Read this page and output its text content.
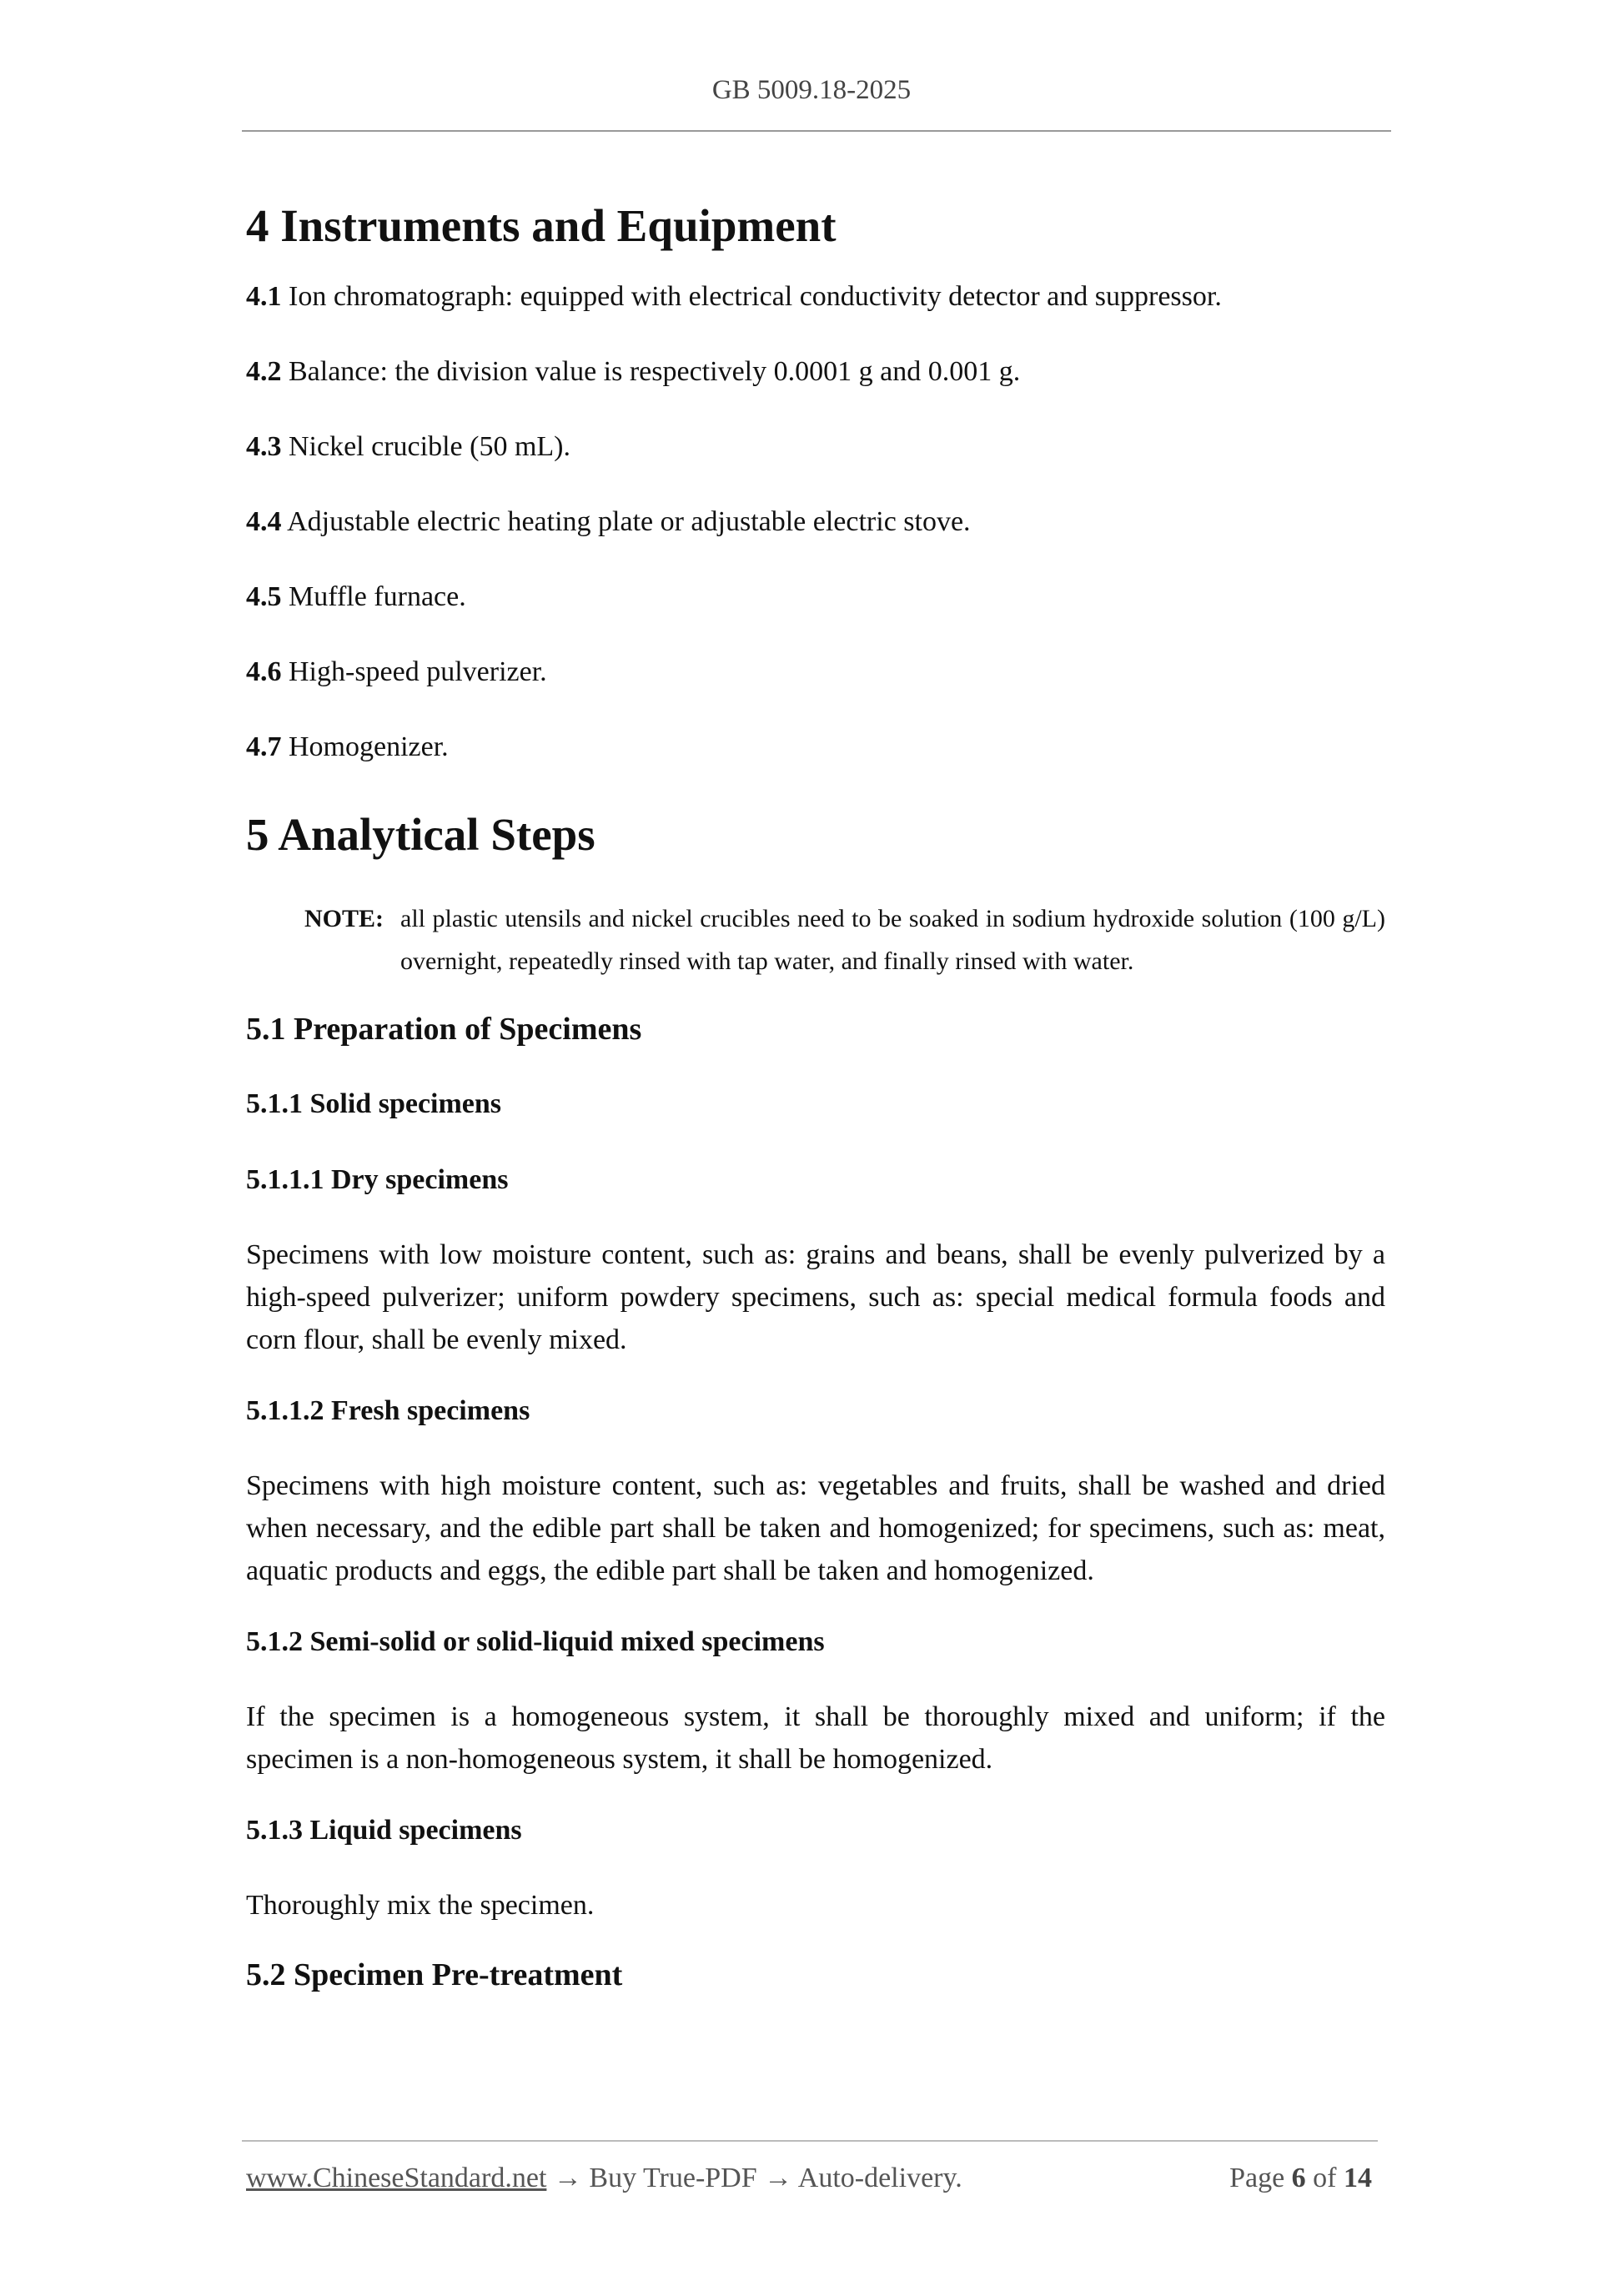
GB 5009.18-2025
4 Instruments and Equipment

4.1 Ion chromatograph: equipped with electrical conductivity detector and suppressor.

4.2 Balance: the division value is respectively 0.0001 g and 0.001 g.

4.3 Nickel crucible (50 mL).

4.4 Adjustable electric heating plate or adjustable electric stove.

4.5 Muffle furnace.

4.6 High-speed pulverizer.

4.7 Homogenizer.

5 Analytical Steps
NOTE: all plastic utensils and nickel crucibles need to be soaked in sodium hydroxide solution (100 g/L) overnight, repeatedly rinsed with tap water, and finally rinsed with water.
5.1 Preparation of Specimens
5.1.1 Solid specimens
5.1.1.1 Dry specimens

Specimens with low moisture content, such as: grains and beans, shall be evenly pulverized by a high-speed pulverizer; uniform powdery specimens, such as: special medical formula foods and corn flour, shall be evenly mixed.

5.1.1.2 Fresh specimens

Specimens with high moisture content, such as: vegetables and fruits, shall be washed and dried when necessary, and the edible part shall be taken and homogenized; for specimens, such as: meat, aquatic products and eggs, the edible part shall be taken and homogenized.

5.1.2 Semi-solid or solid-liquid mixed specimens

If the specimen is a homogeneous system, it shall be thoroughly mixed and uniform; if the specimen is a non-homogeneous system, it shall be homogenized.

5.1.3 Liquid specimens

Thoroughly mix the specimen.

5.2 Specimen Pre-treatment
www.ChineseStandard.net → Buy True-PDF → Auto-delivery.	Page 6 of 14
